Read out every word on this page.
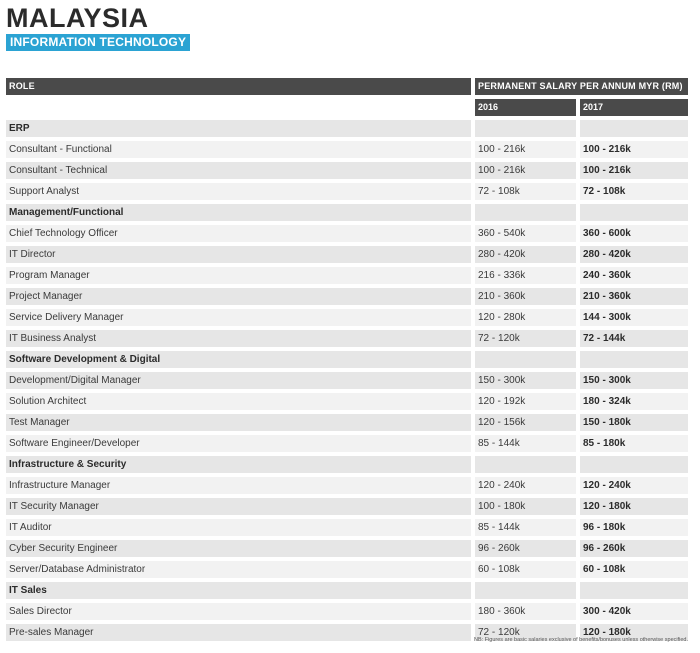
MALAYSIA
INFORMATION TECHNOLOGY
ROLE	PERMANENT SALARY PER ANNUM MYR (RM)
2016	2017
ERP
Consultant - Functional	100 - 216k	100 - 216k
Consultant - Technical	100 - 216k	100 - 216k
Support Analyst	72 - 108k	72 - 108k
Management/Functional
Chief Technology Officer	360 - 540k	360 - 600k
IT Director	280 - 420k	280 - 420k
Program Manager	216 - 336k	240 - 360k
Project Manager	210 - 360k	210 - 360k
Service Delivery Manager	120 - 280k	144 - 300k
IT Business Analyst	72 - 120k	72 - 144k
Software Development & Digital
Development/Digital Manager	150 - 300k	150 - 300k
Solution Architect	120 - 192k	180 - 324k
Test Manager	120 - 156k	150 - 180k
Software Engineer/Developer	85 - 144k	85 - 180k
Infrastructure & Security
Infrastructure Manager	120 - 240k	120 - 240k
IT Security Manager	100 - 180k	120 - 180k
IT Auditor	85 - 144k	96 - 180k
Cyber Security Engineer	96 - 260k	96 - 260k
Server/Database Administrator	60 - 108k	60 - 108k
IT Sales
Sales Director	180 - 360k	300 - 420k
Pre-sales Manager	72 - 120k	120 - 180k
NB: Figures are basic salaries exclusive of benefits/bonuses unless otherwise specified.
